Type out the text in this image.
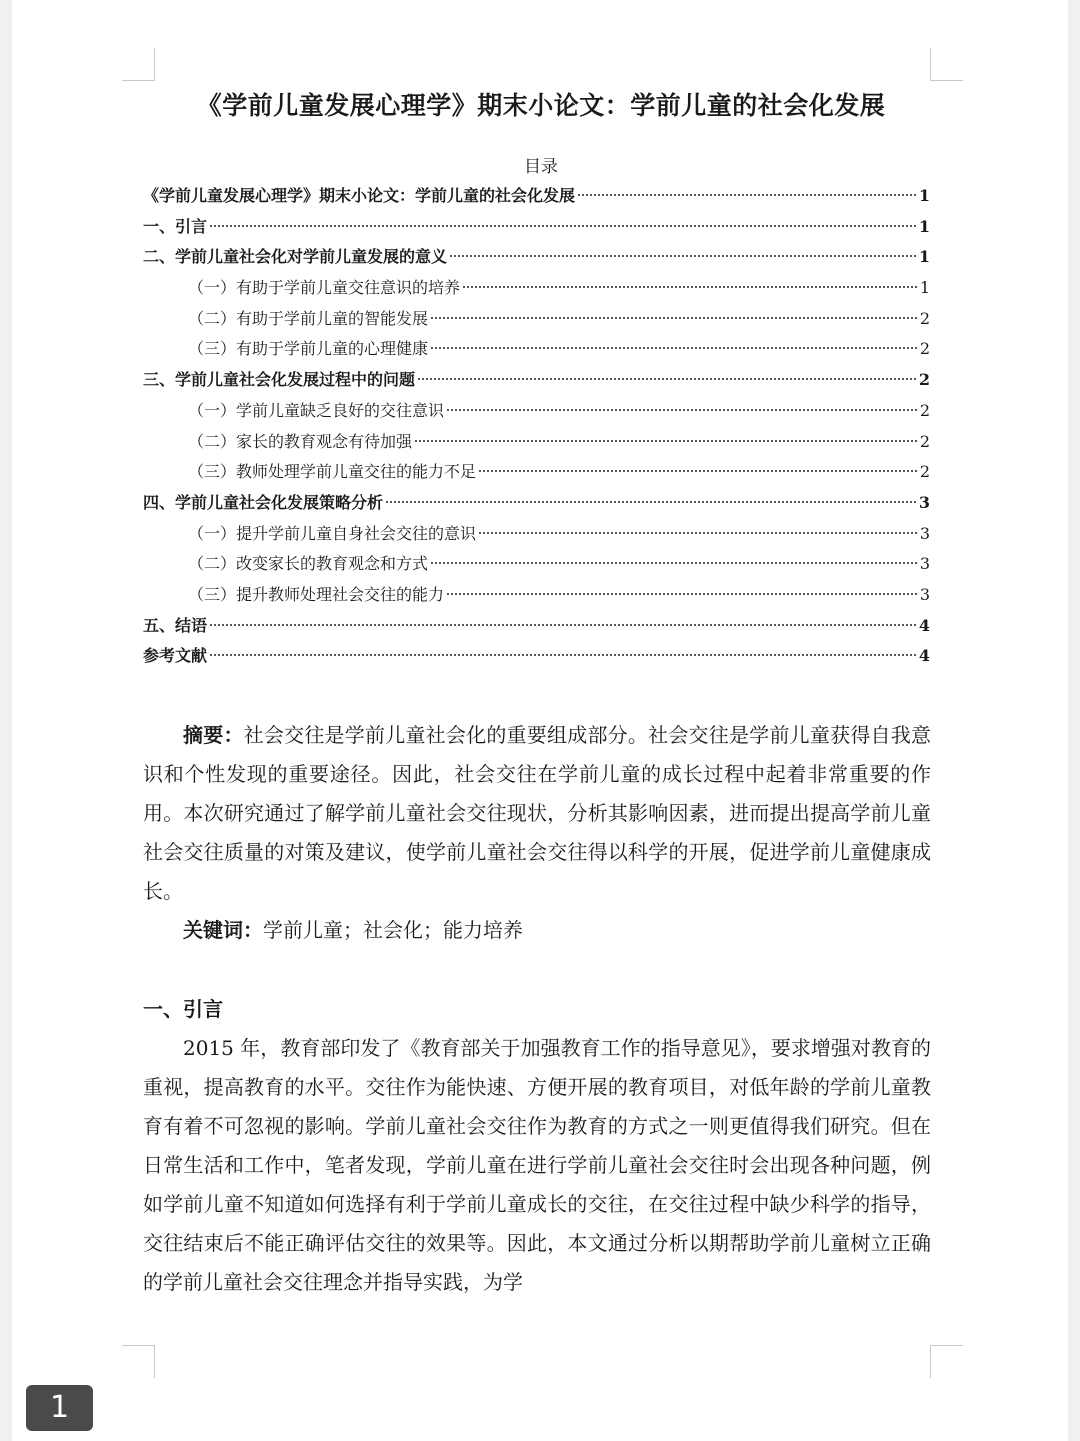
《学前儿童发展心理学》期末小论文：学前儿童的社会化发展
目录
《学前儿童发展心理学》期末小论文：学前儿童的社会化发展	1
一、引言	1
二、学前儿童社会化对学前儿童发展的意义	1
（一）有助于学前儿童交往意识的培养	1
（二）有助于学前儿童的智能发展	2
（三）有助于学前儿童的心理健康	2
三、学前儿童社会化发展过程中的问题	2
（一）学前儿童缺乏良好的交往意识	2
（二）家长的教育观念有待加强	2
（三）教师处理学前儿童交往的能力不足	2
四、学前儿童社会化发展策略分析	3
（一）提升学前儿童自身社会交往的意识	3
（二）改变家长的教育观念和方式	3
（三）提升教师处理社会交往的能力	3
五、结语	4
参考文献	4

摘要：社会交往是学前儿童社会化的重要组成部分。社会交往是学前儿童获得自我意识和个性发现的重要途径。因此，社会交往在学前儿童的成长过程中起着非常重要的作用。本次研究通过了解学前儿童社会交往现状，分析其影响因素，进而提出提高学前儿童社会交往质量的对策及建议，使学前儿童社会交往得以科学的开展，促进学前儿童健康成长。

关键词：学前儿童；社会化；能力培养

一、引言

2015 年，教育部印发了《教育部关于加强教育工作的指导意见》，要求增强对教育的重视，提高教育的水平。交往作为能快速、方便开展的教育项目，对低年龄的学前儿童教育有着不可忽视的影响。学前儿童社会交往作为教育的方式之一则更值得我们研究。但在日常生活和工作中，笔者发现，学前儿童在进行学前儿童社会交往时会出现各种问题，例如学前儿童不知道如何选择有利于学前儿童成长的交往，在交往过程中缺少科学的指导，交往结束后不能正确评估交往的效果等。因此，本文通过分析以期帮助学前儿童树立正确的学前儿童社会交往理念并指导实践，为学

1
